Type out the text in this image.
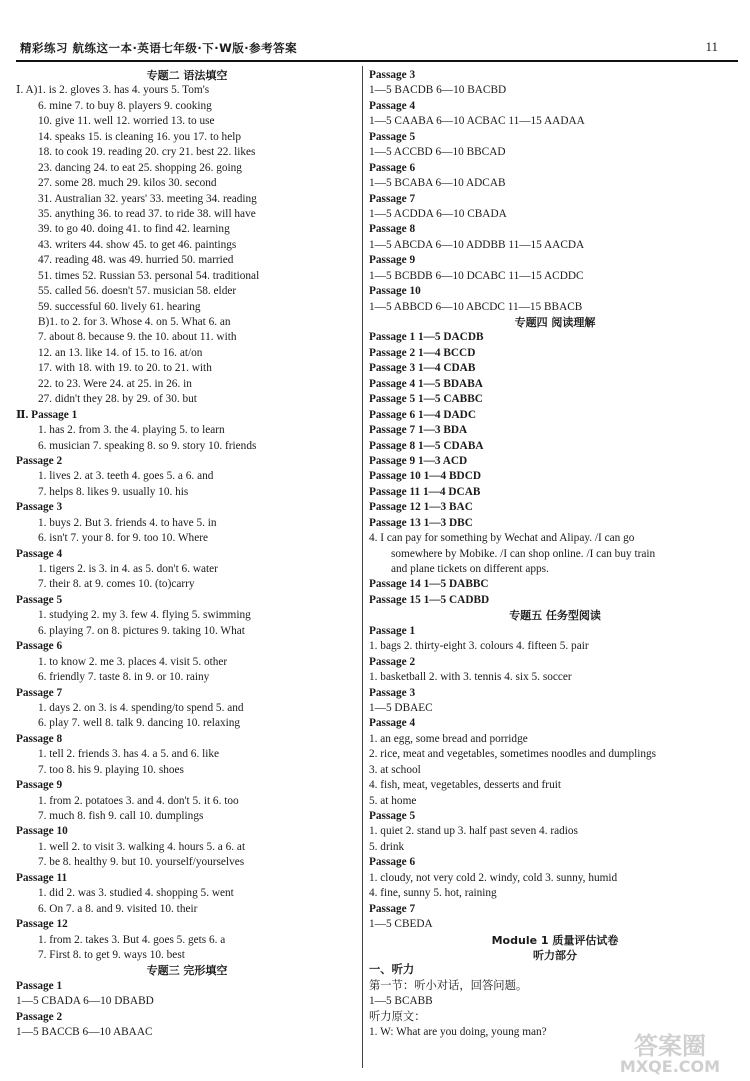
精彩练习 航练这一本·英语七年级·下·W版·参考答案	11
专题二 语法填空
Ⅰ. A)1. is 2. gloves 3. has 4. yours 5. Tom's
6. mine 7. to buy 8. players 9. cooking
10. give 11. well 12. worried 13. to use
14. speaks 15. is cleaning 16. you 17. to help
18. to cook 19. reading 20. cry 21. best 22. likes
23. dancing 24. to eat 25. shopping 26. going
27. some 28. much 29. kilos 30. second
31. Australian 32. years' 33. meeting 34. reading
35. anything 36. to read 37. to ride 38. will have
39. to go 40. doing 41. to find 42. learning
43. writers 44. show 45. to get 46. paintings
47. reading 48. was 49. hurried 50. married
51. times 52. Russian 53. personal 54. traditional
55. called 56. doesn't 57. musician 58. elder
59. successful 60. lively 61. hearing
B)1. to 2. for 3. Whose 4. on 5. What 6. an
7. about 8. because 9. the 10. about 11. with
12. an 13. like 14. of 15. to 16. at/on
17. with 18. with 19. to 20. to 21. with
22. to 23. Were 24. at 25. in 26. in
27. didn't they 28. by 29. of 30. but
Ⅱ. Passage 1
1. has 2. from 3. the 4. playing 5. to learn
6. musician 7. speaking 8. so 9. story 10. friends
Passage 2
1. lives 2. at 3. teeth 4. goes 5. a 6. and
7. helps 8. likes 9. usually 10. his
Passage 3
1. buys 2. But 3. friends 4. to have 5. in
6. isn't 7. your 8. for 9. too 10. Where
Passage 4
1. tigers 2. is 3. in 4. as 5. don't 6. water
7. their 8. at 9. comes 10. (to)carry
Passage 5
1. studying 2. my 3. few 4. flying 5. swimming
6. playing 7. on 8. pictures 9. taking 10. What
Passage 6
1. to know 2. me 3. places 4. visit 5. other
6. friendly 7. taste 8. in 9. or 10. rainy
Passage 7
1. days 2. on 3. is 4. spending/to spend 5. and
6. play 7. well 8. talk 9. dancing 10. relaxing
Passage 8
1. tell 2. friends 3. has 4. a 5. and 6. like
7. too 8. his 9. playing 10. shoes
Passage 9
1. from 2. potatoes 3. and 4. don't 5. it 6. too
7. much 8. fish 9. call 10. dumplings
Passage 10
1. well 2. to visit 3. walking 4. hours 5. a 6. at
7. be 8. healthy 9. but 10. yourself/yourselves
Passage 11
1. did 2. was 3. studied 4. shopping 5. went
6. On 7. a 8. and 9. visited 10. their
Passage 12
1. from 2. takes 3. But 4. goes 5. gets 6. a
7. First 8. to get 9. ways 10. best
专题三 完形填空
Passage 1
1—5 CBADA 6—10 DBABD
Passage 2
1—5 BACCB 6—10 ABAAC
Passage 3
1—5 BACDB 6—10 BACBD
Passage 4
1—5 CAABA 6—10 ACBAC 11—15 AADAA
Passage 5
1—5 ACCBD 6—10 BBCAD
Passage 6
1—5 BCABA 6—10 ADCAB
Passage 7
1—5 ACDDA 6—10 CBADA
Passage 8
1—5 ABCDA 6—10 ADDBB 11—15 AACDA
Passage 9
1—5 BCBDB 6—10 DCABC 11—15 ACDDC
Passage 10
1—5 ABBCD 6—10 ABCDC 11—15 BBACB
专题四 阅读理解
Passage 1 1—5 DACDB
Passage 2 1—4 BCCD
Passage 3 1—4 CDAB
Passage 4 1—5 BDABA
Passage 5 1—5 CABBC
Passage 6 1—4 DADC
Passage 7 1—3 BDA
Passage 8 1—5 CDABA
Passage 9 1—3 ACD
Passage 10 1—4 BDCD
Passage 11 1—4 DCAB
Passage 12 1—3 BAC
Passage 13 1—3 DBC
4. I can pay for something by Wechat and Alipay. /I can go
somewhere by Mobike. /I can shop online. /I can buy train
and plane tickets on different apps.
Passage 14 1—5 DABBC
Passage 15 1—5 CADBD
专题五 任务型阅读
Passage 1
1. bags 2. thirty-eight 3. colours 4. fifteen 5. pair
Passage 2
1. basketball 2. with 3. tennis 4. six 5. soccer
Passage 3
1—5 DBAEC
Passage 4
1. an egg, some bread and porridge
2. rice, meat and vegetables, sometimes noodles and dumplings
3. at school
4. fish, meat, vegetables, desserts and fruit
5. at home
Passage 5
1. quiet 2. stand up 3. half past seven 4. radios
5. drink
Passage 6
1. cloudy, not very cold 2. windy, cold 3. sunny, humid
4. fine, sunny 5. hot, raining
Passage 7
1—5 CBEDA
Module 1 质量评估试卷
听力部分
一、听力
第一节：听小对话，回答问题。
1—5 BCABB
听力原文：
1. W: What are you doing, young man?	答案圈
MXQE.COM
